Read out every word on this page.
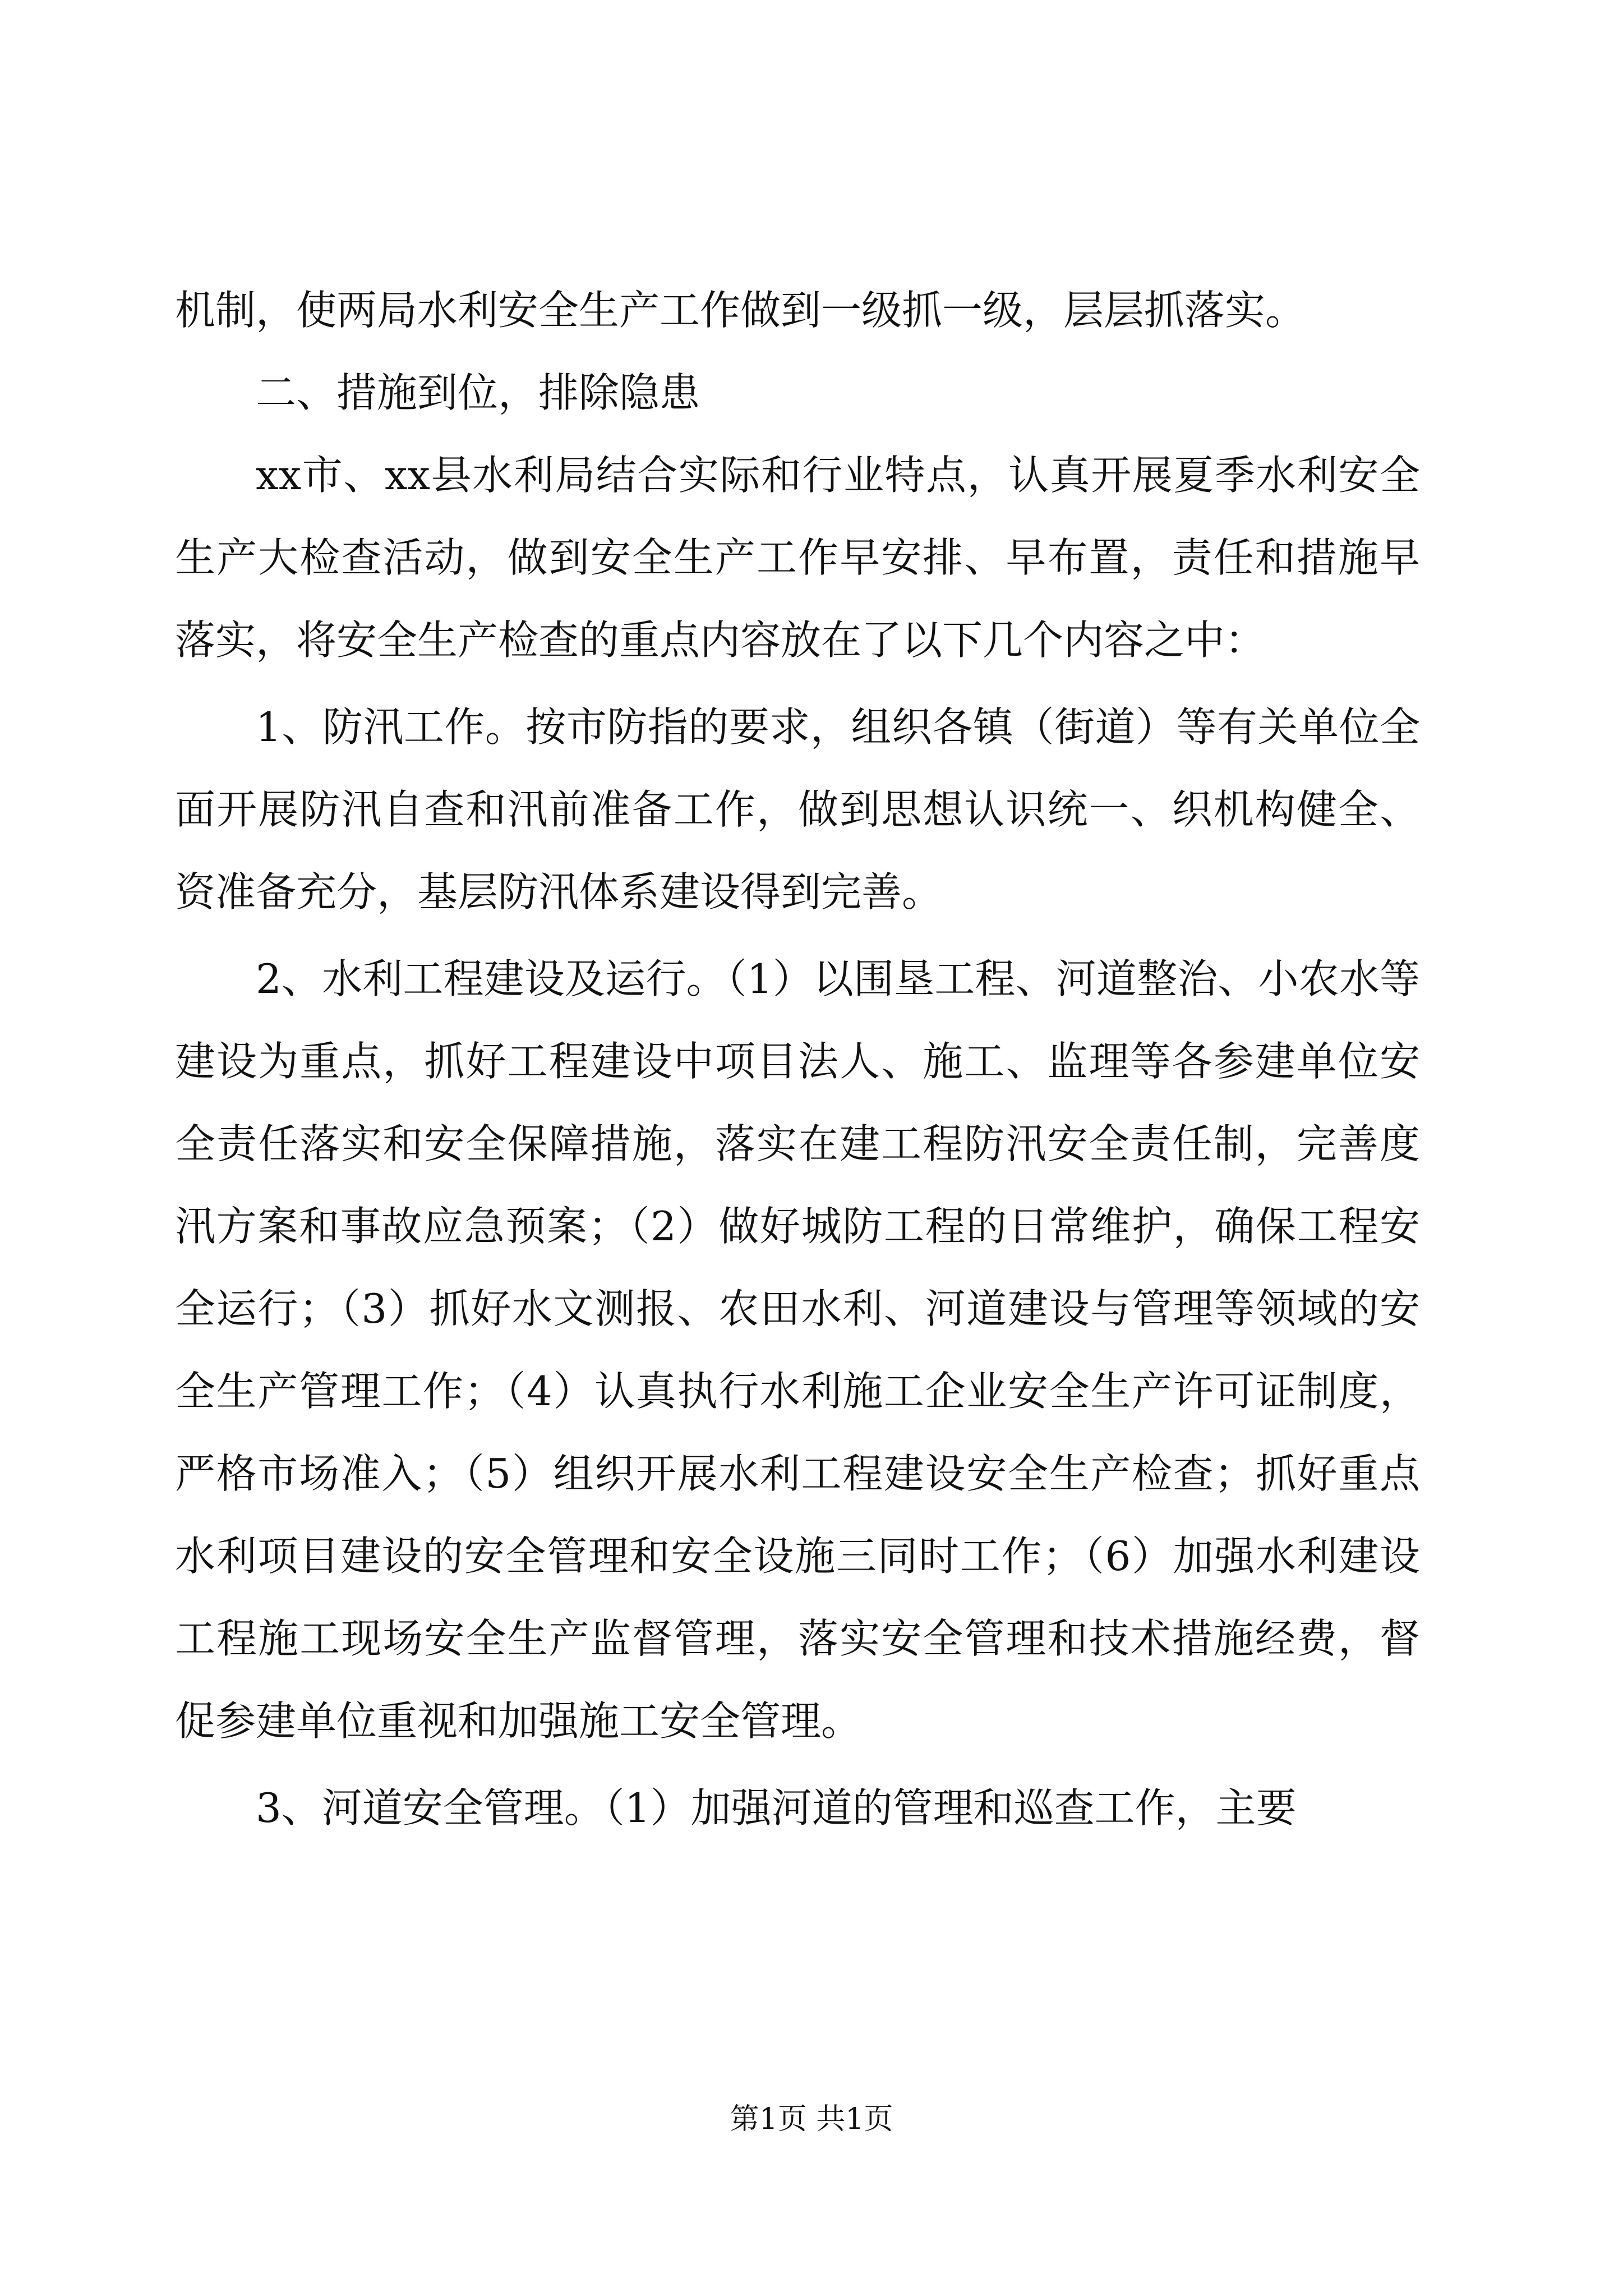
机制，使两局水利安全生产工作做到一级抓一级，层层抓落实。

二、措施到位，排除隐患

xx市、xx县水利局结合实际和行业特点，认真开展夏季水利安全生产大检查活动，做到安全生产工作早安排、早布置，责任和措施早落实，将安全生产检查的重点内容放在了以下几个内容之中：

1、防汛工作。按市防指的要求，组织各镇（街道）等有关单位全面开展防汛自查和汛前准备工作，做到思想认识统一、织机构健全、资准备充分，基层防汛体系建设得到完善。

2、水利工程建设及运行。（1）以围垦工程、河道整治、小农水等建设为重点，抓好工程建设中项目法人、施工、监理等各参建单位安全责任落实和安全保障措施，落实在建工程防汛安全责任制，完善度汛方案和事故应急预案；（2）做好城防工程的日常维护，确保工程安全运行；（3）抓好水文测报、农田水利、河道建设与管理等领域的安全生产管理工作；（4）认真执行水利施工企业安全生产许可证制度，严格市场准入；（5）组织开展水利工程建设安全生产检查；抓好重点水利项目建设的安全管理和安全设施三同时工作；（6）加强水利建设工程施工现场安全生产监督管理，落实安全管理和技术措施经费，督促参建单位重视和加强施工安全管理。

3、河道安全管理。（1）加强河道的管理和巡查工作，主要

第1页 共1页
